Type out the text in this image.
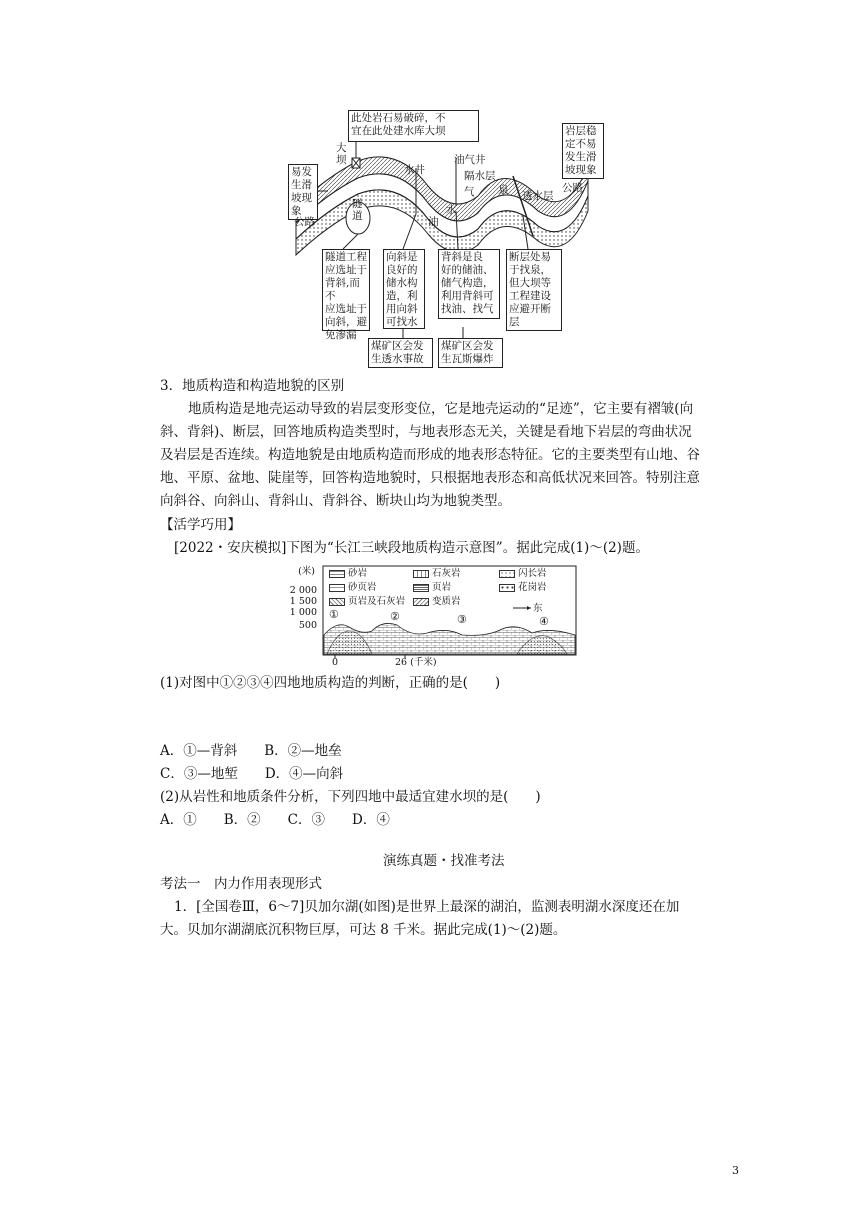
此处岩石易破碎，不
宜在此处建水库大坝	岩层稳
定不易
发生滑
坡现象
易发
生滑
坡现
象
大
坝
隧
道
水井
油气井
隔水层
泉
水
油
气
公路
公路
透水层
隧道工程
应选址于
背斜,而不
应选址于
向斜，避
免渗漏
向斜是
良好的
储水构
造，利
用向斜
可找水
背斜是良
好的储油、
储气构造，
利用背斜可
找油、找气
断层处易
于找泉，
但大坝等
工程建设
应避开断
层
煤矿区会发
生透水事故
煤矿区会发
生瓦斯爆炸
3．地质构造和构造地貌的区别
地质构造是地壳运动导致的岩层变形变位，它是地壳运动的“足迹”，它主要有褶皱(向
斜、背斜)、断层，回答地质构造类型时，与地表形态无关，关键是看地下岩层的弯曲状况
及岩层是否连续。构造地貌是由地质构造而形成的地表形态特征。它的主要类型有山地、谷
地、平原、盆地、陡崖等，回答构造地貌时，只根据地表形态和高低状况来回答。特别注意
向斜谷、向斜山、背斜山、背斜谷、断块山均为地貌类型。
【活学巧用】
[2022・安庆模拟]下图为“长江三峡段地质构造示意图”。据此完成(1)～(2)题。
(米)
2 000
1 500
1 000
500
砂岩	石灰岩	闪长岩
砂页岩	页岩	花岗岩
页岩及石灰岩	变质岩
东
①	②	③	④
0	26 (千米)
(1)对图中①②③④四地地质构造的判断，正确的是(　　)
A．①—背斜　　B．②—地垒
C．③—地堑　　D．④—向斜
(2)从岩性和地质条件分析，下列四地中最适宜建水坝的是(　　)
A．①　　B．②　　C．③　　D．④
演练真题・找准考法
考法一　内力作用表现形式
1．[全国卷Ⅲ，6～7]贝加尔湖(如图)是世界上最深的湖泊，监测表明湖水深度还在加
大。贝加尔湖湖底沉积物巨厚，可达 8 千米。据此完成(1)～(2)题。
3
